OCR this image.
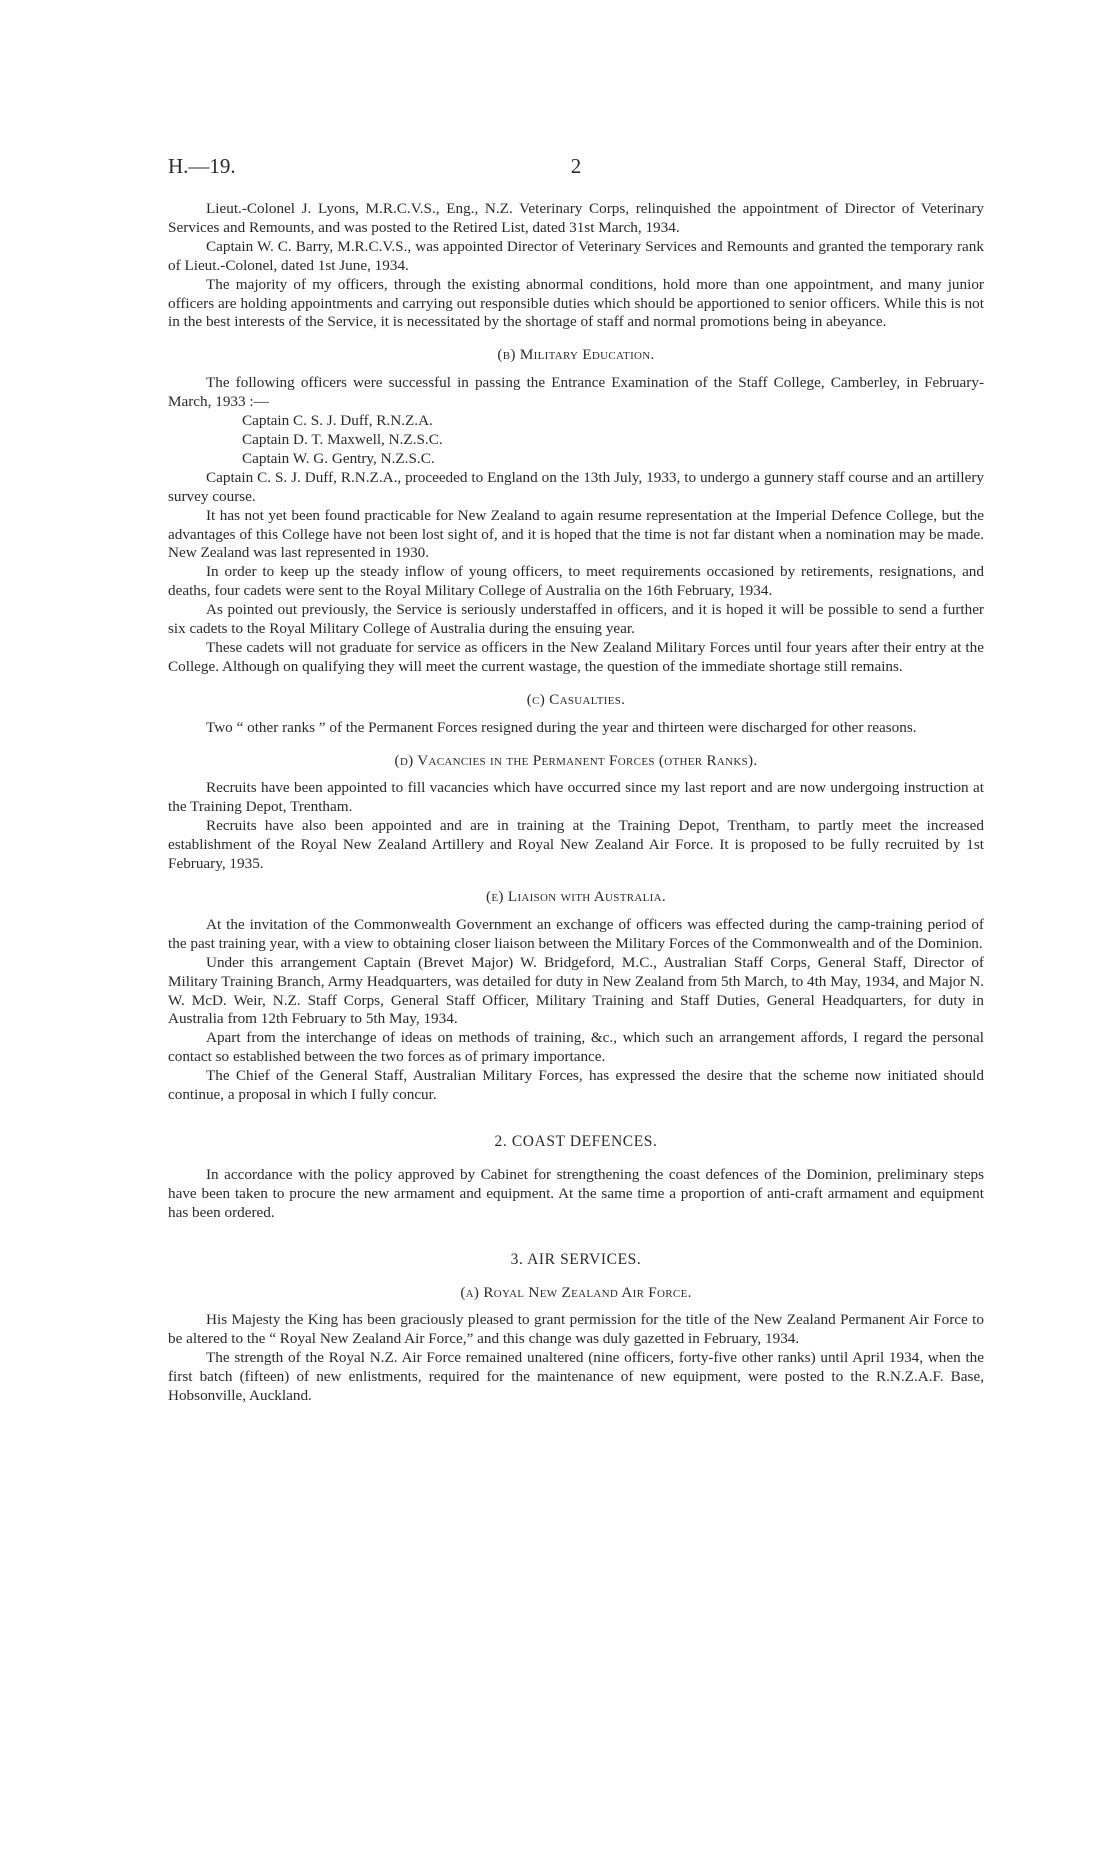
H.—19.	2

Lieut.-Colonel J. Lyons, M.R.C.V.S., Eng., N.Z. Veterinary Corps, relinquished the appointment of Director of Veterinary Services and Remounts, and was posted to the Retired List, dated 31st March, 1934.

Captain W. C. Barry, M.R.C.V.S., was appointed Director of Veterinary Services and Remounts and granted the temporary rank of Lieut.-Colonel, dated 1st June, 1934.

The majority of my officers, through the existing abnormal conditions, hold more than one appointment, and many junior officers are holding appointments and carrying out responsible duties which should be apportioned to senior officers. While this is not in the best interests of the Service, it is necessitated by the shortage of staff and normal promotions being in abeyance.

(b) Military Education.

The following officers were successful in passing the Entrance Examination of the Staff College, Camberley, in February-March, 1933 :—

Captain C. S. J. Duff, R.N.Z.A.
Captain D. T. Maxwell, N.Z.S.C.
Captain W. G. Gentry, N.Z.S.C.

Captain C. S. J. Duff, R.N.Z.A., proceeded to England on the 13th July, 1933, to undergo a gunnery staff course and an artillery survey course.

It has not yet been found practicable for New Zealand to again resume representation at the Imperial Defence College, but the advantages of this College have not been lost sight of, and it is hoped that the time is not far distant when a nomination may be made. New Zealand was last represented in 1930.

In order to keep up the steady inflow of young officers, to meet requirements occasioned by retirements, resignations, and deaths, four cadets were sent to the Royal Military College of Australia on the 16th February, 1934.

As pointed out previously, the Service is seriously understaffed in officers, and it is hoped it will be possible to send a further six cadets to the Royal Military College of Australia during the ensuing year.

These cadets will not graduate for service as officers in the New Zealand Military Forces until four years after their entry at the College. Although on qualifying they will meet the current wastage, the question of the immediate shortage still remains.

(c) Casualties.

Two “ other ranks ” of the Permanent Forces resigned during the year and thirteen were discharged for other reasons.

(d) Vacancies in the Permanent Forces (other Ranks).

Recruits have been appointed to fill vacancies which have occurred since my last report and are now undergoing instruction at the Training Depot, Trentham.

Recruits have also been appointed and are in training at the Training Depot, Trentham, to partly meet the increased establishment of the Royal New Zealand Artillery and Royal New Zealand Air Force. It is proposed to be fully recruited by 1st February, 1935.

(e) Liaison with Australia.

At the invitation of the Commonwealth Government an exchange of officers was effected during the camp-training period of the past training year, with a view to obtaining closer liaison between the Military Forces of the Commonwealth and of the Dominion.

Under this arrangement Captain (Brevet Major) W. Bridgeford, M.C., Australian Staff Corps, General Staff, Director of Military Training Branch, Army Headquarters, was detailed for duty in New Zealand from 5th March, to 4th May, 1934, and Major N. W. McD. Weir, N.Z. Staff Corps, General Staff Officer, Military Training and Staff Duties, General Headquarters, for duty in Australia from 12th February to 5th May, 1934.

Apart from the interchange of ideas on methods of training, &c., which such an arrangement affords, I regard the personal contact so established between the two forces as of primary importance.

The Chief of the General Staff, Australian Military Forces, has expressed the desire that the scheme now initiated should continue, a proposal in which I fully concur.

2. COAST DEFENCES.

In accordance with the policy approved by Cabinet for strengthening the coast defences of the Dominion, preliminary steps have been taken to procure the new armament and equipment. At the same time a proportion of anti-craft armament and equipment has been ordered.

3. AIR SERVICES.
(a) Royal New Zealand Air Force.

His Majesty the King has been graciously pleased to grant permission for the title of the New Zealand Permanent Air Force to be altered to the “ Royal New Zealand Air Force,” and this change was duly gazetted in February, 1934.

The strength of the Royal N.Z. Air Force remained unaltered (nine officers, forty-five other ranks) until April 1934, when the first batch (fifteen) of new enlistments, required for the maintenance of new equipment, were posted to the R.N.Z.A.F. Base, Hobsonville, Auckland.
